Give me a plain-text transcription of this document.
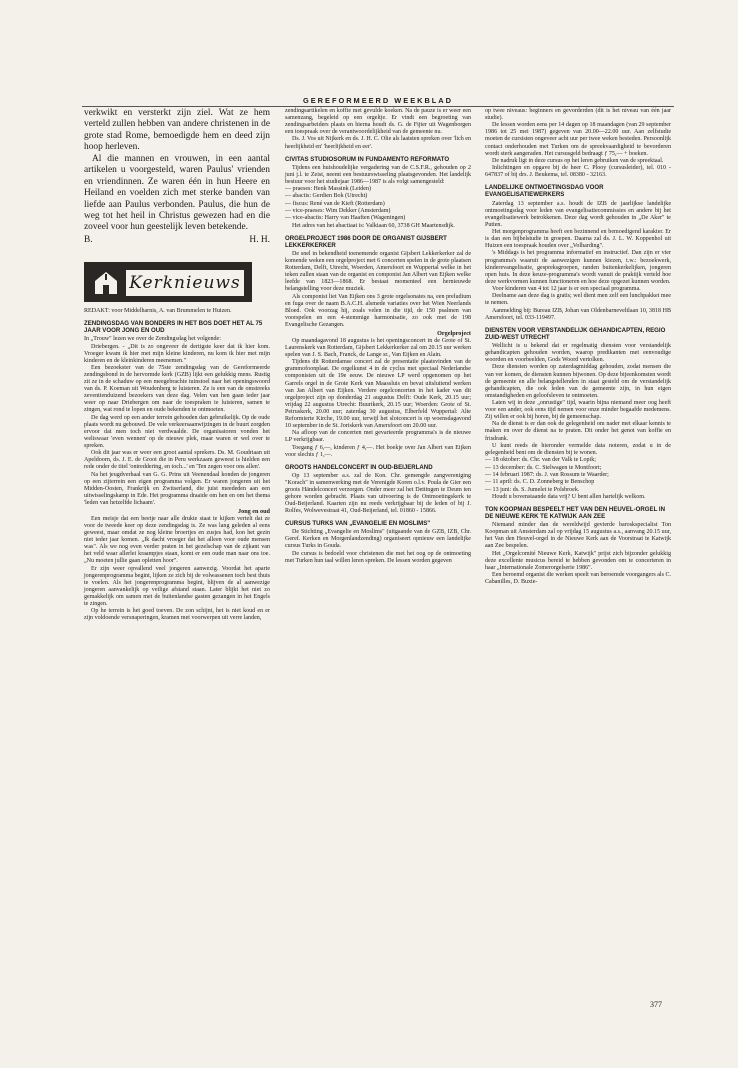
GEREFORMEERD WEEKBLAD

verkwikt en versterkt zijn ziel. Wat ze hem verteld zullen hebben van andere christenen in de grote stad Rome, bemoedigde hem en deed zijn hoop herleven.

Al die mannen en vrouwen, in een aantal artikelen u voorgesteld, waren Paulus' vrienden en vriendinnen. Ze waren één in hun Heere en Heiland en voelden zich met sterke banden van liefde aan Paulus verbonden. Paulus, die hun de weg tot het heil in Christus gewezen had en die zoveel voor hun geestelijk leven betekende.

B.	H. H.
Kerknieuws
REDAKT: voor Middelharnis, A. van Brummelen te Huizen.
ZENDINGSDAG VAN BONDERS IN HET BOS DOET HET AL 75 JAAR VOOR JONG EN OUD

In „Trouw" lezen we over de Zendingsdag het volgende:

Driebergen. - „Dit is zo ongeveer de dertigste keer dat ik hier kom. Vroeger kwam ik hier met mijn kleine kinderen, nu kom ik hier met mijn kinderen en de kleinkinderen meenemen."

Een bezoekster van de 75ste zendingsdag van de Gereformeerde zendingsbond in de hervormde kerk (GZB) lijkt een gelukkig mens. Rustig zit ze in de schaduw op een meegebrachte tuinstoel naar het openingswoord van ds. P. Koeman uit Woudenberg te luisteren. Ze is een van de omstreeks zeventienduizend bezoekers van deze dag. Velen van hen gaan ieder jaar weer op naar Driebergen om naar de toespraken te luisteren, samen te zingen, wat rond te lopen en oude bekenden te ontmoeten.

De dag werd op een ander terrein gehouden dan gebruikelijk. Op de oude plaats wordt nu gebouwd. De vele verkeersaanwijzingen in de buurt zorgden ervoor dat men toch niet verdwaalde. De organisatoren vonden het weliswaar 'even wennen' op de nieuwe plek, maar waren er wel over te spreken.

Ook dit jaar was er weer een groot aantal sprekers. Ds. M. Goudriaan uit Apeldoorn, ds. J. E. de Groot die in Peru werkzaam geweest is hielden een rede onder de titel 'ontredderïng, en toch...' en 'Ten zegen voor ons allen'.

Na het jeugdverhaal van G. G. Prins uit Veenendaal konden de jongeren op een zijterrein een eigen programma volgen. Er waren jongeren uit het Midden-Oosten, Frankrijk en Zwitserland, die juist meededen aan een uitwisselingskamp in Ede. Het programma draaide om hen en om het thema 'leden van hetzelfde lichaam'.

Jong en oud

Een meisje dat een beetje naar alle drukte staat te kijken vertelt dat ze voor de tweede keer op deze zendingsdag is. Ze was lang geleden al eens geweest, maar omdat ze nog kleine broertjes en zusjes had, kon het gezin niet ieder jaar komen. „Ik dacht vroeger dat het alleen voor oude mensen was". Als we nog even verder praten in het gezelschap van de zijkant van het veld waar allerlei kraampjes staan, komt er een oude man naar ons toe. „Nu moeten jullie gaan opletten hoor".

Er zijn weer opvallend veel jongeren aanwezig. Voordat het aparte jongerenprogramma begint, lijken ze zich bij de volwassenen toch best thuis te voelen. Als het jongerenprogramma begint, blijven de al aanwezige jongeren aanvankelijk op veilige afstand staan. Later blijkt het niet zo gemakkelijk om samen met de buitenlandse gasten gezangen in het Engels te zingen.

Op he terrein is het goed toeven. De zon schijnt, het is niet koud en er zijn voldoende versnaperingen, kramen met voorwerpen uit verre landen,

zendingsartikelen en koffie met gevulde koeken. Na de pauze is er weer een samenzang, begeleid op een orgeltje. Er vindt een begroeting van zendingsarbeiders plaats en hierna houdt ds. G. de Fijter uit Wagenborgen een toespraak over de verantwoordelijkheid van de gemeente nu.

Ds. J. Vos uit Nijkerk en ds. J. H. C. Olie als laatsten spreken over 'lich en heerlijkheid en' 'heerlijkheid en eer'.

CIVITAS STUDIOSORUM IN FUNDAMENTO REFORMATO

Tijdens een huishoudelijke vergadering van de C.S.F.R., gehouden op 2 juni j.l. te Zeist, neemt een bestuurswisseling plaatsgevonden. Het landelijk bestuur voor het studiejaar 1986—1987 is als volgt samengesteld:

— praeses: Henk Massink (Leiden)

— abactis: Gerdien Bok (Utrecht)

— fiscus: René van de Kieft (Rotterdam)

— vice-praeses: Wim Dekker (Amsterdam)

— vice-abactis: Harry van Haaften (Wageningen)

Het adres van het abactiaat is: Valkiaan 60, 3738 GH Maartensdijk.

ORGELPROJECT 1986 DOOR DE ORGANIST GIJSBERT LEKKERKERKER

De snel in bekendheid toenemende organist Gijsbert Lekkerkerker zal de komende weken een orgelproject met 6 concerten spelen in de grote plaatsen Rotterdam, Delft, Utrecht, Woerden, Amersfoort en Wuppertal welke in het teken zullen staan van de organist en componist Jan Albert van Eijken welke leefde van 1823—1868. Er bestaat momenteel een hernieuwde belangstelling voor deze muziek.

Als componist liet Van Eijken ons 3 grote orgelsonates na, een preludium en fuga over de naam B.A.C.H. alsmede variaties over het Wien Neerlands Bloed. Ook voorzag hij, zoals velen in die tijd, de 150 psalmen van voorspelen en een 4-stemmige harmonisatie, zo ook met de 198 Evangelische Gezangen.

Orgelproject

Op maandagavond 18 augustus is het openingsconcert in de Grote of St. Laurenskerk van Rotterdam, Gijsbert Lekkerkerker zal om 20.15 uur werken spelen van J. S. Bach, Franck, de Lange sr., Van Eijken en Alain.

Tijdens dit Rotterdamse concert zal de presentatie plaatsvinden van de grammofoonplaat. De orgelkunst 4 in de cyclus met speciaal Nederlandse componisten uit de 19e eeuw. De nieuwe LP werd opgenomen op het Garrels orgel in de Grote Kerk van Maassluis en bevat uitsluitend werken van Jan Albert van Eijken. Verdere orgelconcerten in het kader van dit orgelproject zijn op donderdag 21 augustus Delft: Oude Kerk, 20.15 uur; vrijdag 22 augustus Utrecht: Buurtkerk, 20.15 uur; Woerden: Grote of St. Petruskerk, 20.00 uur; zaterdag 30 augustus, Elberfeld Wuppertal: Alte Reformierte Kirche, 19.00 uur, terwijl het slotconcert is op woensdagavond 10 september in de St. Joriskerk van Amersfoort om 20.00 uur.

Na afloop van de concerten met gevarieerde programma's is de nieuwe LP verkrijgbaar.

Toegang ƒ 6,—, kinderen ƒ 4,—. Het boekje over Jan Albert van Eijken voor slechts ƒ 1,—.

GROOTS HANDELCONCERT IN OUD-BEIJERLAND

Op 13 september a.s. zal de Kon. Chr. gemengde zangvereniging "Korach" in samenwerking met de Verenigde Koren o.l.v. Poula de Gier een groots Händelconcert verzorgen. Onder meer zal het Dettingen te Deum ten gehore worden gebracht. Plaats van uitvoering is de Ontmoetingskerk te Oud-Beijerland. Kaarten zijn nu reeds verkrijgbaar bij de leden of bij J. Rolfes, Wolwevestraat 41, Oud-Beijerland, tel. 01860 - 15866.

CURSUS TURKS VAN „EVANGELIE EN MOSLIMS"

De Stichting „Evangelie en Moslims" (uitgaande van de GZB, IZB, Chr. Geref. Kerken en Morgenlandzending) organiseert opnieuw een landelijke cursus Turks in Gouda.

De cursus is bedoeld voor christenen die met het oog op de ontmoeting met Turken hun taal willen leren spreken. De lessen worden gegeven

op twee niveaus: beginners en gevorderden (dit is het niveau van één jaar studie).

De lessen worden eens per 14 dagen op 18 maandagen (van 29 september 1986 tot 25 mei 1987) gegeven van 20.00—22.00 uur. Aan zelfstudie moeten de cursisten ongeveer acht uur per twee weken besteden. Persoonlijk contact onderhouden met Turken om de spreekvaardigheid te bevorderen wordt sterk aangeraden. Het cursusgeld bedraagt ƒ 75,— + boeken.

De nadruk ligt in deze cursus op het leren gebruiken van de spreektaal.

Inlichtingen en opgave bij de heer C. Plooy (cursusleider), tel. 010 - 647837 of bij drs. J. Beukema, tel. 08380 - 32163.

LANDELIJKE ONTMOETINGSDAG VOOR EVANGELISATIEWERKERS

Zaterdag 13 september a.s. houdt de IZB de jaarlijkse landelijke ontmoetingsdag voor leden van evangelisatiecommissies en andere bij het evangelisatiewerk betrokkenen. Deze dag wordt gehouden in „De Aker" te Putten.

Het morgenprogramma heeft een bezinnend en bemoedigend karakter. Er is dan een bijbelstudie in groepen. Daarna zal ds. J. L. W. Koppenhol uit Huizen een toespraak houden over „Volharding".

's Middags is het programma informatief en instructief. Dan zijn er vier programma's waaruit de aanwezigen kunnen kiezen, t.w.: bezoekwerk, kinderevangelisatie, gespreksgroepen, randen buitenkerkelijken, jongeren open huis. In deze keuze-programma's wordt vanuit de praktijk verteld hoe deze werkvormen kunnen functioneren en hoe deze opgezet kunnen worden.

Voor kinderen van 4 tot 12 jaar is er een speciaal programma.

Deelname aan deze dag is gratis; wel dient men zelf een lunchpakket mee te nemen.

Aanmelding bij: Bureau IZB, Johan van Oldenbarneveltlaan 10, 3818 HB Amersfoort, tel. 033-119497.

DIENSTEN VOOR VERSTANDELIJK GEHANDICAPTEN, REGIO ZUID-WEST UTRECHT

Wellicht is u bekend dat er regelmatig diensten voor verstandelijk gehandicapten gehouden worden, waarop predikanten met eenvoudige woorden en voorbeelden, Gods Woord vertolken.

Deze diensten worden op zaterdagmiddag gehouden, zodat mensen die van ver komen, de diensten kunnen bijwonen. Op deze bijeenkomsten wordt de gemeente en alle belangstellenden in staat gesteld om de verstandelijk gehandicapten, die ook leden van de gemeente zijn, in hun eigen omstandigheden en geloofsleven te ontmoeten.

Laten wij in deze „onrustige" tijd, waarin bijna niemand meer oog heeft voor een ander, ook eens tijd nemen voor onze minder begaafde medemens. Zij willen er ook bij horen, bij de gemeenschap.

Na de dienst is er dan ook de gelegenheid om nader met elkaar kennis te maken en over de dienst na te praten. Dit onder het genot van koffie en frisdrank.

U kunt reeds de hieronder vermelde data noteren, zodat u in de gelegenheid bent om de diensten bij te wonen.

— 18 oktober: ds. Chr. van der Valk te Lopik;

— 13 december: ds. C. Stelwagen te Montfoort;

— 14 februari 1987: ds. J. van Rossum te Waarder;

— 11 april: ds. C. D. Zonneberg te Benschop

— 13 juni: ds. S. Jumelet te Polsbroek.

Houdt u bovenstaande data vrij? U bent allen hartelijk welkom.

TON KOOPMAN BESPEELT HET VAN DEN HEUVEL-ORGEL IN DE NIEUWE KERK TE KATWIJK AAN ZEE

Niemand minder dan de wereldwijd gevierde baroskspecialist Ton Koopman uit Amsterdam zal op vrijdag 15 augustus a.s., aanvang 20.15 uur, het Van den Heuvel-orgel in de Nieuwe Kerk aan de Voorstraat te Katwijk aan Zee bespelen.

Het „Orgelcomité Nieuwe Kerk, Katwijk" prijst zich bijzonder gelukkig deze excellente musicus bereid te hebben gevonden om te concerteren in haar „Internationale Zomerorgelserie 1986".

Een beroemd organist die werken speelt van beroemde voorgangers als C. Cabanilles, D. Buxte-

377
